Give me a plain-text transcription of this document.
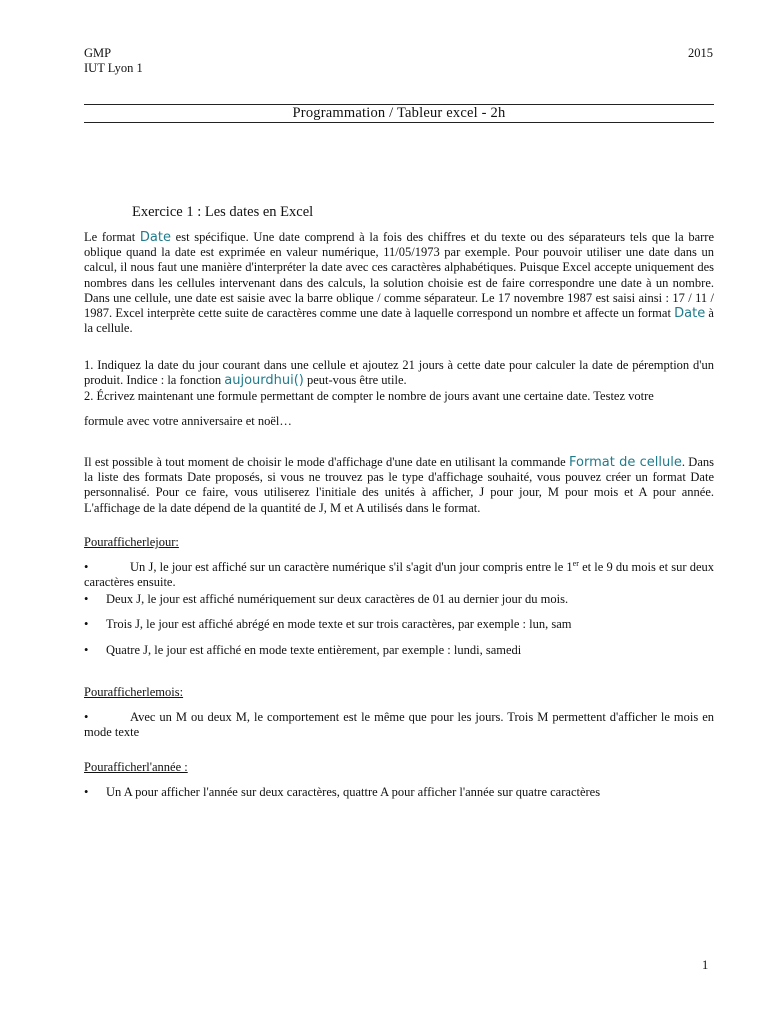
GMP
IUT Lyon 1
2015
Programmation / Tableur excel - 2h
Exercice 1 : Les dates en Excel
Le format Date est spécifique. Une date comprend à la fois des chiffres et du texte ou des séparateurs tels que la barre oblique quand la date est exprimée en valeur numérique, 11/05/1973 par exemple. Pour pouvoir utiliser une date dans un calcul, il nous faut une manière d'interpréter la date avec ces caractères alphabétiques. Puisque Excel accepte uniquement des nombres dans les cellules intervenant dans des calculs, la solution choisie est de faire correspondre une date à un nombre. Dans une cellule, une date est saisie avec la barre oblique / comme séparateur. Le 17 novembre 1987 est saisi ainsi : 17 / 11 / 1987. Excel interprète cette suite de caractères comme une date à laquelle correspond un nombre et affecte un format Date à la cellule.
1. Indiquez la date du jour courant dans une cellule et ajoutez 21 jours à cette date pour calculer la date de péremption d'un produit. Indice : la fonction aujourdhui() peut-vous être utile.
2. Écrivez maintenant une formule permettant de compter le nombre de jours avant une certaine date. Testez votre
formule avec votre anniversaire et noël…
Il est possible à tout moment de choisir le mode d'affichage d'une date en utilisant la commande Format de cellule. Dans la liste des formats Date proposés, si vous ne trouvez pas le type d'affichage souhaité, vous pouvez créer un format Date personnalisé. Pour ce faire, vous utiliserez l'initiale des unités à afficher, J pour jour, M pour mois et A pour année. L'affichage de la date dépend de la quantité de J, M et A utilisés dans le format.
Pourafficherlejour:
•	Un J, le jour est affiché sur un caractère numérique s'il s'agit d'un jour compris entre le 1er et le 9 du mois et sur deux caractères ensuite.
•	Deux J, le jour est affiché numériquement sur deux caractères de 01 au dernier jour du mois.
•	Trois J, le jour est affiché abrégé en mode texte et sur trois caractères, par exemple : lun, sam
•	Quatre J, le jour est affiché en mode texte entièrement, par exemple : lundi, samedi
Pourafficherlemois:
•	Avec un M ou deux M, le comportement est le même que pour les jours. Trois M permettent d'afficher le mois en mode texte
Pourafficherl'année :
•	Un A pour afficher l'année sur deux caractères, quattre A pour afficher l'année sur quatre caractères
1
